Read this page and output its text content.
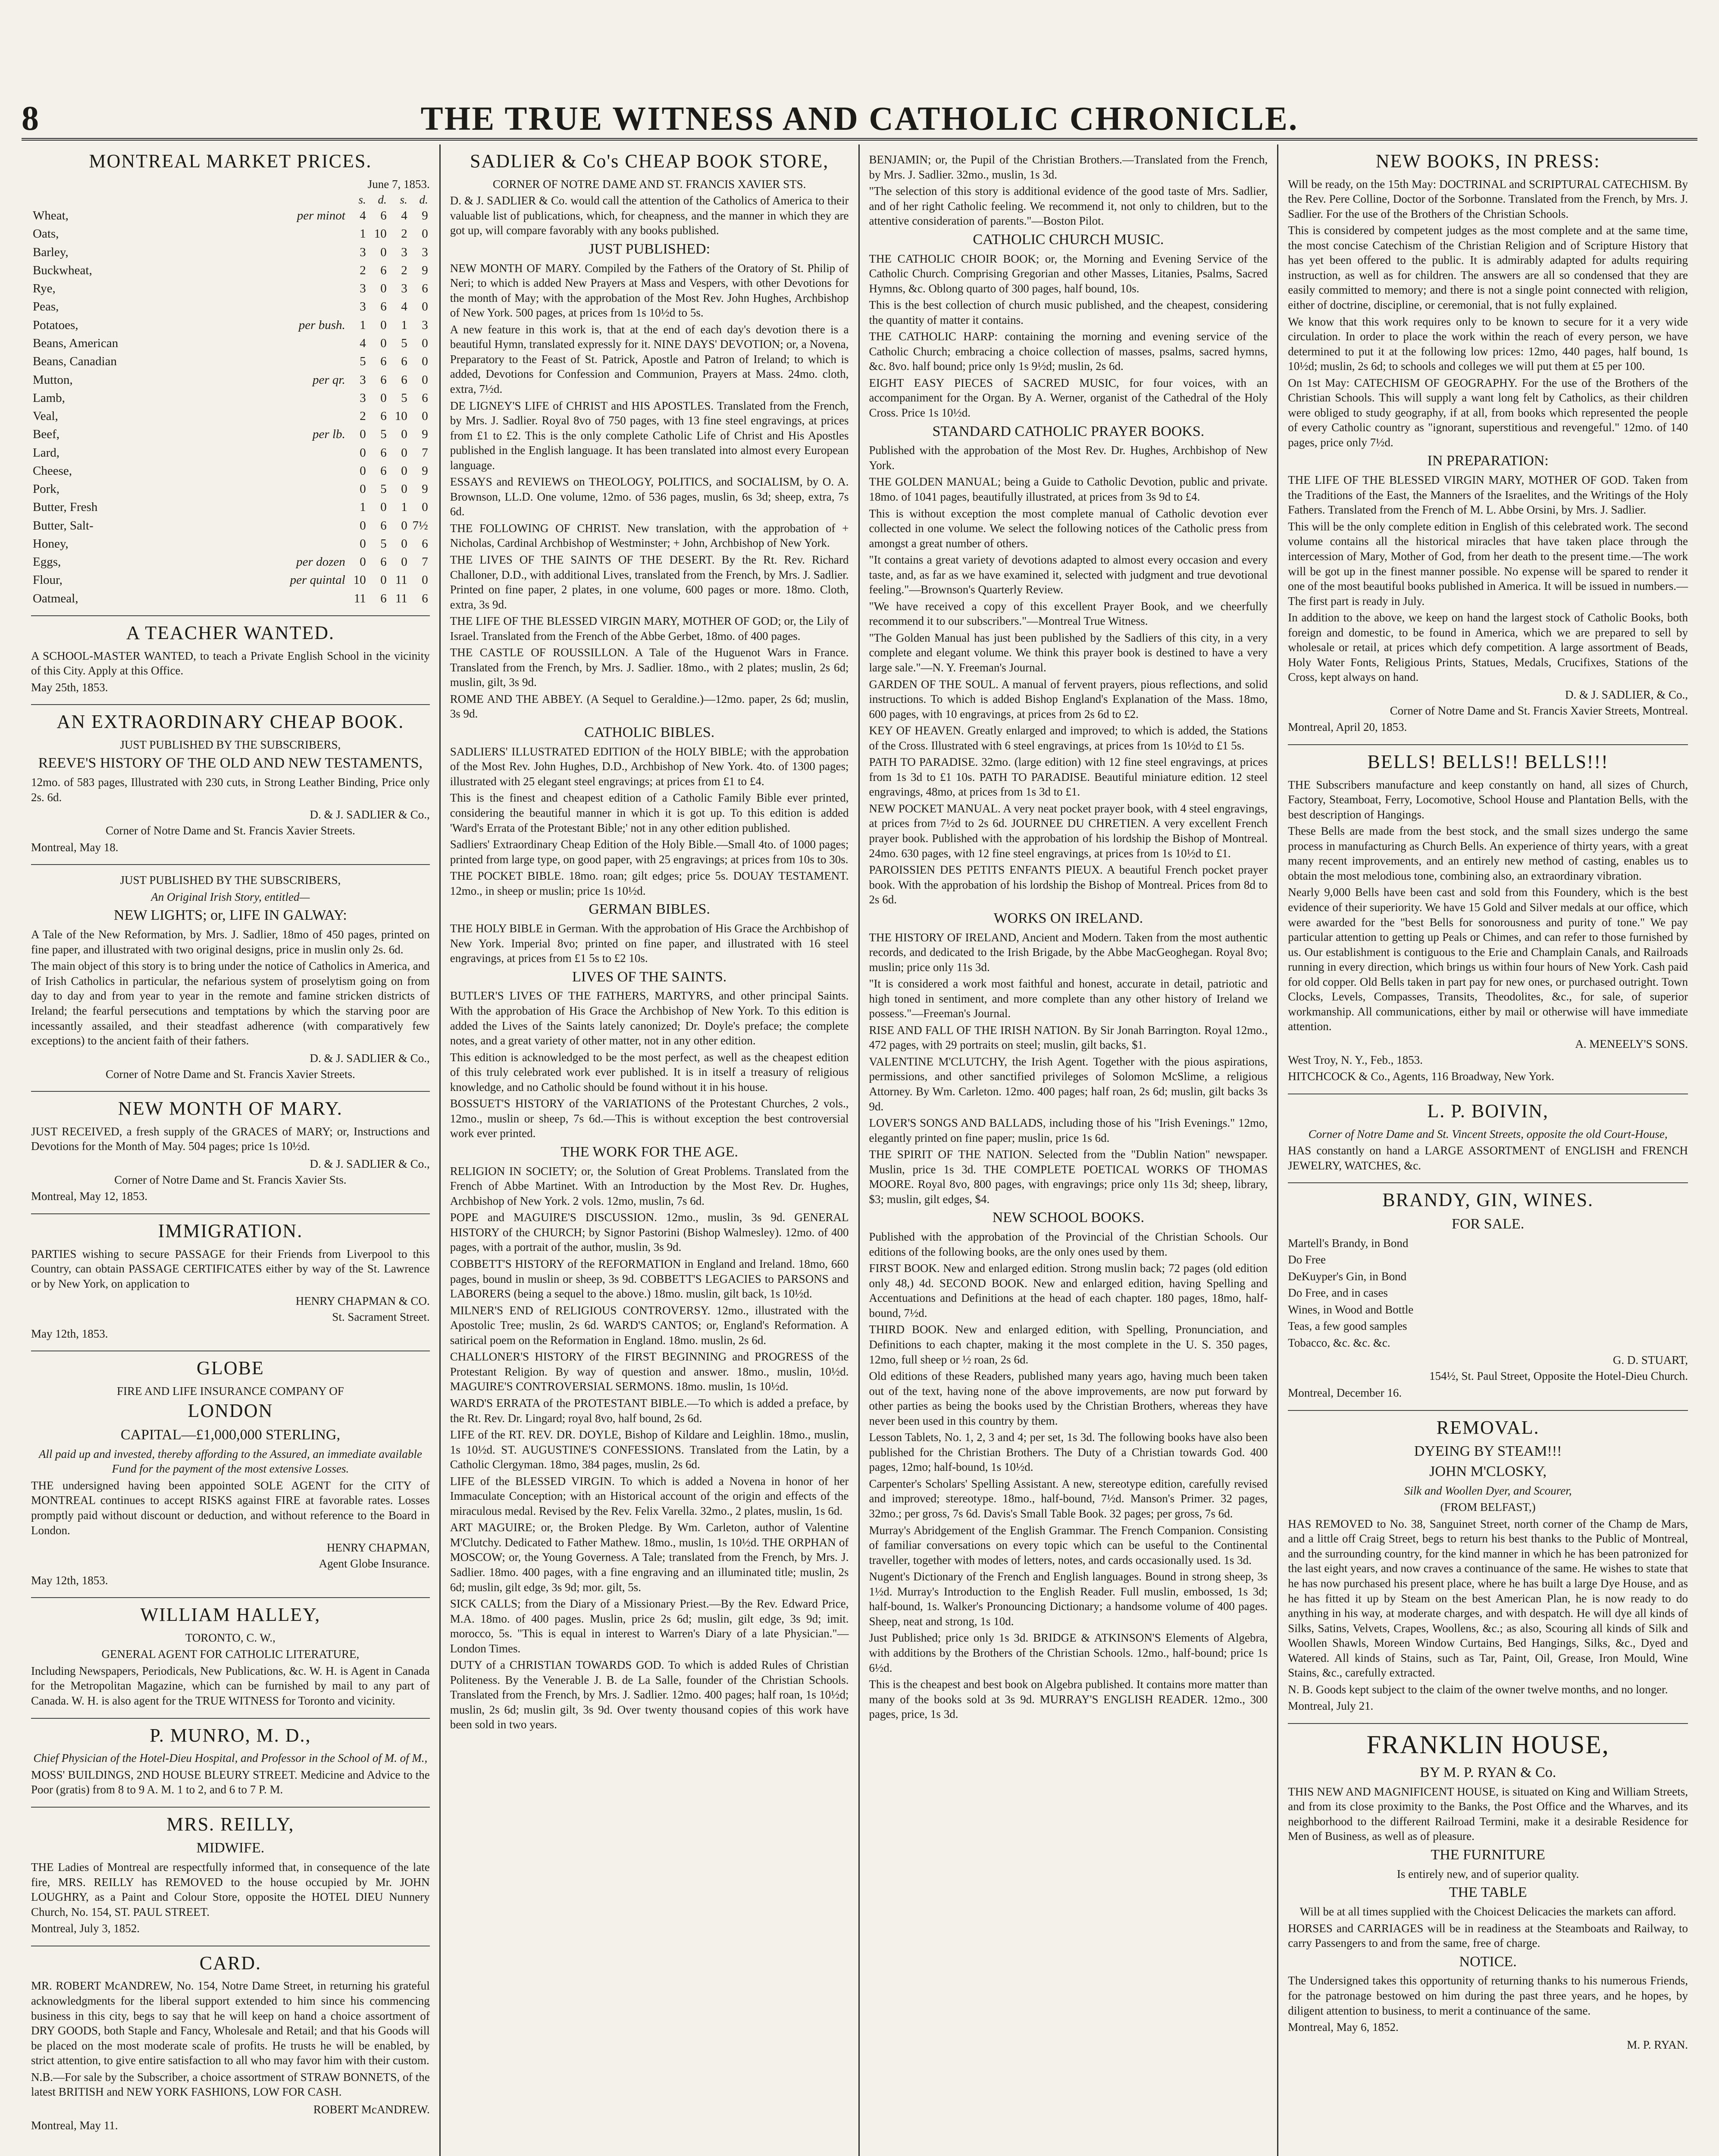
8	THE TRUE WITNESS AND CATHOLIC CHRONICLE.
MONTREAL MARKET PRICES.

June 7, 1853.

		s.	d.	s.	d.
Wheat,	per minot	4	6	4	9
Oats,		1	10	2	0
Barley,		3	0	3	3
Buckwheat,		2	6	2	9
Rye,		3	0	3	6
Peas,		3	6	4	0
Potatoes,	per bush.	1	0	1	3
Beans, American		4	0	5	0
Beans, Canadian		5	6	6	0
Mutton,	per qr.	3	6	6	0
Lamb,		3	0	5	6
Veal,		2	6	10	0
Beef,	per lb.	0	5	0	9
Lard,		0	6	0	7
Cheese,		0	6	0	9
Pork,		0	5	0	9
Butter, Fresh		1	0	1	0
Butter, Salt-		0	6	0	7½
Honey,		0	5	0	6
Eggs,	per dozen	0	6	0	7
Flour,	per quintal	10	0	11	0
Oatmeal,		11	6	11	6
A TEACHER WANTED.

A SCHOOL-MASTER WANTED, to teach a Private English School in the vicinity of this City. Apply at this Office.

May 25th, 1853.

AN EXTRAORDINARY CHEAP BOOK.

JUST PUBLISHED BY THE SUBSCRIBERS,

REEVE'S HISTORY OF THE OLD AND NEW TESTAMENTS,

12mo. of 583 pages, Illustrated with 230 cuts, in Strong Leather Binding, Price only 2s. 6d.

D. & J. SADLIER & Co.,

Corner of Notre Dame and St. Francis Xavier Streets.

Montreal, May 18.

JUST PUBLISHED BY THE SUBSCRIBERS,

An Original Irish Story, entitled—

NEW LIGHTS; or, LIFE IN GALWAY:

A Tale of the New Reformation, by Mrs. J. Sadlier, 18mo of 450 pages, printed on fine paper, and illustrated with two original designs, price in muslin only 2s. 6d.

The main object of this story is to bring under the notice of Catholics in America, and of Irish Catholics in particular, the nefarious system of proselytism going on from day to day and from year to year in the remote and famine stricken districts of Ireland; the fearful persecutions and temptations by which the starving poor are incessantly assailed, and their steadfast adherence (with comparatively few exceptions) to the ancient faith of their fathers.

D. & J. SADLIER & Co.,

Corner of Notre Dame and St. Francis Xavier Streets.

NEW MONTH OF MARY.

JUST RECEIVED, a fresh supply of the GRACES of MARY; or, Instructions and Devotions for the Month of May. 504 pages; price 1s 10½d.

D. & J. SADLIER & Co.,

Corner of Notre Dame and St. Francis Xavier Sts.

Montreal, May 12, 1853.

IMMIGRATION.

PARTIES wishing to secure PASSAGE for their Friends from Liverpool to this Country, can obtain PASSAGE CERTIFICATES either by way of the St. Lawrence or by New York, on application to

HENRY CHAPMAN & CO.

St. Sacrament Street.

May 12th, 1853.

GLOBE

FIRE AND LIFE INSURANCE COMPANY OF

LONDON
CAPITAL—£1,000,000 STERLING,

All paid up and invested, thereby affording to the Assured, an immediate available Fund for the payment of the most extensive Losses.

THE undersigned having been appointed SOLE AGENT for the CITY of MONTREAL continues to accept RISKS against FIRE at favorable rates. Losses promptly paid without discount or deduction, and without reference to the Board in London.

HENRY CHAPMAN,

Agent Globe Insurance.

May 12th, 1853.

WILLIAM HALLEY,

TORONTO, C. W.,

GENERAL AGENT FOR CATHOLIC LITERATURE,

Including Newspapers, Periodicals, New Publications, &c. W. H. is Agent in Canada for the Metropolitan Magazine, which can be furnished by mail to any part of Canada. W. H. is also agent for the TRUE WITNESS for Toronto and vicinity.

P. MUNRO, M. D.,

Chief Physician of the Hotel-Dieu Hospital, and Professor in the School of M. of M.,

MOSS' BUILDINGS, 2ND HOUSE BLEURY STREET. Medicine and Advice to the Poor (gratis) from 8 to 9 A. M. 1 to 2, and 6 to 7 P. M.

MRS. REILLY,
MIDWIFE.

THE Ladies of Montreal are respectfully informed that, in consequence of the late fire, MRS. REILLY has REMOVED to the house occupied by Mr. JOHN LOUGHRY, as a Paint and Colour Store, opposite the HOTEL DIEU Nunnery Church, No. 154, ST. PAUL STREET.

Montreal, July 3, 1852.

CARD.

MR. ROBERT McANDREW, No. 154, Notre Dame Street, in returning his grateful acknowledgments for the liberal support extended to him since his commencing business in this city, begs to say that he will keep on hand a choice assortment of DRY GOODS, both Staple and Fancy, Wholesale and Retail; and that his Goods will be placed on the most moderate scale of profits. He trusts he will be enabled, by strict attention, to give entire satisfaction to all who may favor him with their custom.

N.B.—For sale by the Subscriber, a choice assortment of STRAW BONNETS, of the latest BRITISH and NEW YORK FASHIONS, LOW FOR CASH.

ROBERT McANDREW.

Montreal, May 11.

SADLIER & Co's CHEAP BOOK STORE,

CORNER OF NOTRE DAME AND ST. FRANCIS XAVIER STS.

D. & J. SADLIER & Co. would call the attention of the Catholics of America to their valuable list of publications, which, for cheapness, and the manner in which they are got up, will compare favorably with any books published.

JUST PUBLISHED:

NEW MONTH OF MARY. Compiled by the Fathers of the Oratory of St. Philip of Neri; to which is added New Prayers at Mass and Vespers, with other Devotions for the month of May; with the approbation of the Most Rev. John Hughes, Archbishop of New York. 500 pages, at prices from 1s 10½d to 5s.

A new feature in this work is, that at the end of each day's devotion there is a beautiful Hymn, translated expressly for it. NINE DAYS' DEVOTION; or, a Novena, Preparatory to the Feast of St. Patrick, Apostle and Patron of Ireland; to which is added, Devotions for Confession and Communion, Prayers at Mass. 24mo. cloth, extra, 7½d.

DE LIGNEY'S LIFE of CHRIST and HIS APOSTLES. Translated from the French, by Mrs. J. Sadlier. Royal 8vo of 750 pages, with 13 fine steel engravings, at prices from £1 to £2. This is the only complete Catholic Life of Christ and His Apostles published in the English language. It has been translated into almost every European language.

ESSAYS and REVIEWS on THEOLOGY, POLITICS, and SOCIALISM, by O. A. Brownson, LL.D. One volume, 12mo. of 536 pages, muslin, 6s 3d; sheep, extra, 7s 6d.

THE FOLLOWING OF CHRIST. New translation, with the approbation of + Nicholas, Cardinal Archbishop of Westminster; + John, Archbishop of New York.

THE LIVES OF THE SAINTS OF THE DESERT. By the Rt. Rev. Richard Challoner, D.D., with additional Lives, translated from the French, by Mrs. J. Sadlier. Printed on fine paper, 2 plates, in one volume, 600 pages or more. 18mo. Cloth, extra, 3s 9d.

THE LIFE OF THE BLESSED VIRGIN MARY, MOTHER OF GOD; or, the Lily of Israel. Translated from the French of the Abbe Gerbet, 18mo. of 400 pages.

THE CASTLE OF ROUSSILLON. A Tale of the Huguenot Wars in France. Translated from the French, by Mrs. J. Sadlier. 18mo., with 2 plates; muslin, 2s 6d; muslin, gilt, 3s 9d.

ROME AND THE ABBEY. (A Sequel to Geraldine.)—12mo. paper, 2s 6d; muslin, 3s 9d.

CATHOLIC BIBLES.

SADLIERS' ILLUSTRATED EDITION of the HOLY BIBLE; with the approbation of the Most Rev. John Hughes, D.D., Archbishop of New York. 4to. of 1300 pages; illustrated with 25 elegant steel engravings; at prices from £1 to £4.

This is the finest and cheapest edition of a Catholic Family Bible ever printed, considering the beautiful manner in which it is got up. To this edition is added 'Ward's Errata of the Protestant Bible;' not in any other edition published.

Sadliers' Extraordinary Cheap Edition of the Holy Bible.—Small 4to. of 1000 pages; printed from large type, on good paper, with 25 engravings; at prices from 10s to 30s.

THE POCKET BIBLE. 18mo. roan; gilt edges; price 5s. DOUAY TESTAMENT. 12mo., in sheep or muslin; price 1s 10½d.

GERMAN BIBLES.

THE HOLY BIBLE in German. With the approbation of His Grace the Archbishop of New York. Imperial 8vo; printed on fine paper, and illustrated with 16 steel engravings, at prices from £1 5s to £2 10s.

LIVES OF THE SAINTS.

BUTLER'S LIVES OF THE FATHERS, MARTYRS, and other principal Saints. With the approbation of His Grace the Archbishop of New York. To this edition is added the Lives of the Saints lately canonized; Dr. Doyle's preface; the complete notes, and a great variety of other matter, not in any other edition.

This edition is acknowledged to be the most perfect, as well as the cheapest edition of this truly celebrated work ever published. It is in itself a treasury of religious knowledge, and no Catholic should be found without it in his house.

BOSSUET'S HISTORY of the VARIATIONS of the Protestant Churches, 2 vols., 12mo., muslin or sheep, 7s 6d.—This is without exception the best controversial work ever printed.

THE WORK FOR THE AGE.

RELIGION IN SOCIETY; or, the Solution of Great Problems. Translated from the French of Abbe Martinet. With an Introduction by the Most Rev. Dr. Hughes, Archbishop of New York. 2 vols. 12mo, muslin, 7s 6d.

POPE and MAGUIRE'S DISCUSSION. 12mo., muslin, 3s 9d. GENERAL HISTORY of the CHURCH; by Signor Pastorini (Bishop Walmesley). 12mo. of 400 pages, with a portrait of the author, muslin, 3s 9d.

COBBETT'S HISTORY of the REFORMATION in England and Ireland. 18mo, 660 pages, bound in muslin or sheep, 3s 9d. COBBETT'S LEGACIES to PARSONS and LABORERS (being a sequel to the above.) 18mo. muslin, gilt back, 1s 10½d.

MILNER'S END of RELIGIOUS CONTROVERSY. 12mo., illustrated with the Apostolic Tree; muslin, 2s 6d. WARD'S CANTOS; or, England's Reformation. A satirical poem on the Reformation in England. 18mo. muslin, 2s 6d.

CHALLONER'S HISTORY of the FIRST BEGINNING and PROGRESS of the Protestant Religion. By way of question and answer. 18mo., muslin, 10½d. MAGUIRE'S CONTROVERSIAL SERMONS. 18mo. muslin, 1s 10½d.

WARD'S ERRATA of the PROTESTANT BIBLE.—To which is added a preface, by the Rt. Rev. Dr. Lingard; royal 8vo, half bound, 2s 6d.

LIFE of the RT. REV. DR. DOYLE, Bishop of Kildare and Leighlin. 18mo., muslin, 1s 10½d. ST. AUGUSTINE'S CONFESSIONS. Translated from the Latin, by a Catholic Clergyman. 18mo, 384 pages, muslin, 2s 6d.

LIFE of the BLESSED VIRGIN. To which is added a Novena in honor of her Immaculate Conception; with an Historical account of the origin and effects of the miraculous medal. Revised by the Rev. Felix Varella. 32mo., 2 plates, muslin, 1s 6d.

ART MAGUIRE; or, the Broken Pledge. By Wm. Carleton, author of Valentine M'Clutchy. Dedicated to Father Mathew. 18mo., muslin, 1s 10½d. THE ORPHAN of MOSCOW; or, the Young Governess. A Tale; translated from the French, by Mrs. J. Sadlier. 18mo. 400 pages, with a fine engraving and an illuminated title; muslin, 2s 6d; muslin, gilt edge, 3s 9d; mor. gilt, 5s.

SICK CALLS; from the Diary of a Missionary Priest.—By the Rev. Edward Price, M.A. 18mo. of 400 pages. Muslin, price 2s 6d; muslin, gilt edge, 3s 9d; imit. morocco, 5s. "This is equal in interest to Warren's Diary of a late Physician."—London Times.

DUTY of a CHRISTIAN TOWARDS GOD. To which is added Rules of Christian Politeness. By the Venerable J. B. de La Salle, founder of the Christian Schools. Translated from the French, by Mrs. J. Sadlier. 12mo. 400 pages; half roan, 1s 10½d; muslin, 2s 6d; muslin gilt, 3s 9d. Over twenty thousand copies of this work have been sold in two years.

BENJAMIN; or, the Pupil of the Christian Brothers.—Translated from the French, by Mrs. J. Sadlier. 32mo., muslin, 1s 3d.

"The selection of this story is additional evidence of the good taste of Mrs. Sadlier, and of her right Catholic feeling. We recommend it, not only to children, but to the attentive consideration of parents."—Boston Pilot.

CATHOLIC CHURCH MUSIC.

THE CATHOLIC CHOIR BOOK; or, the Morning and Evening Service of the Catholic Church. Comprising Gregorian and other Masses, Litanies, Psalms, Sacred Hymns, &c. Oblong quarto of 300 pages, half bound, 10s.

This is the best collection of church music published, and the cheapest, considering the quantity of matter it contains.

THE CATHOLIC HARP: containing the morning and evening service of the Catholic Church; embracing a choice collection of masses, psalms, sacred hymns, &c. 8vo. half bound; price only 1s 9½d; muslin, 2s 6d.

EIGHT EASY PIECES of SACRED MUSIC, for four voices, with an accompaniment for the Organ. By A. Werner, organist of the Cathedral of the Holy Cross. Price 1s 10½d.

STANDARD CATHOLIC PRAYER BOOKS.

Published with the approbation of the Most Rev. Dr. Hughes, Archbishop of New York.

THE GOLDEN MANUAL; being a Guide to Catholic Devotion, public and private. 18mo. of 1041 pages, beautifully illustrated, at prices from 3s 9d to £4.

This is without exception the most complete manual of Catholic devotion ever collected in one volume. We select the following notices of the Catholic press from amongst a great number of others.

"It contains a great variety of devotions adapted to almost every occasion and every taste, and, as far as we have examined it, selected with judgment and true devotional feeling."—Brownson's Quarterly Review.

"We have received a copy of this excellent Prayer Book, and we cheerfully recommend it to our subscribers."—Montreal True Witness.

"The Golden Manual has just been published by the Sadliers of this city, in a very complete and elegant volume. We think this prayer book is destined to have a very large sale."—N. Y. Freeman's Journal.

GARDEN OF THE SOUL. A manual of fervent prayers, pious reflections, and solid instructions. To which is added Bishop England's Explanation of the Mass. 18mo, 600 pages, with 10 engravings, at prices from 2s 6d to £2.

KEY OF HEAVEN. Greatly enlarged and improved; to which is added, the Stations of the Cross. Illustrated with 6 steel engravings, at prices from 1s 10½d to £1 5s.

PATH TO PARADISE. 32mo. (large edition) with 12 fine steel engravings, at prices from 1s 3d to £1 10s. PATH TO PARADISE. Beautiful miniature edition. 12 steel engravings, 48mo, at prices from 1s 3d to £1.

NEW POCKET MANUAL. A very neat pocket prayer book, with 4 steel engravings, at prices from 7½d to 2s 6d. JOURNEE DU CHRETIEN. A very excellent French prayer book. Published with the approbation of his lordship the Bishop of Montreal. 24mo. 630 pages, with 12 fine steel engravings, at prices from 1s 10½d to £1.

PAROISSIEN DES PETITS ENFANTS PIEUX. A beautiful French pocket prayer book. With the approbation of his lordship the Bishop of Montreal. Prices from 8d to 2s 6d.

WORKS ON IRELAND.

THE HISTORY OF IRELAND, Ancient and Modern. Taken from the most authentic records, and dedicated to the Irish Brigade, by the Abbe MacGeoghegan. Royal 8vo; muslin; price only 11s 3d.

"It is considered a work most faithful and honest, accurate in detail, patriotic and high toned in sentiment, and more complete than any other history of Ireland we possess."—Freeman's Journal.

RISE AND FALL OF THE IRISH NATION. By Sir Jonah Barrington. Royal 12mo., 472 pages, with 29 portraits on steel; muslin, gilt backs, $1.

VALENTINE M'CLUTCHY, the Irish Agent. Together with the pious aspirations, permissions, and other sanctified privileges of Solomon McSlime, a religious Attorney. By Wm. Carleton. 12mo. 400 pages; half roan, 2s 6d; muslin, gilt backs 3s 9d.

LOVER'S SONGS AND BALLADS, including those of his "Irish Evenings." 12mo, elegantly printed on fine paper; muslin, price 1s 6d.

THE SPIRIT OF THE NATION. Selected from the "Dublin Nation" newspaper. Muslin, price 1s 3d. THE COMPLETE POETICAL WORKS OF THOMAS MOORE. Royal 8vo, 800 pages, with engravings; price only 11s 3d; sheep, library, $3; muslin, gilt edges, $4.

NEW SCHOOL BOOKS.

Published with the approbation of the Provincial of the Christian Schools. Our editions of the following books, are the only ones used by them.

FIRST BOOK. New and enlarged edition. Strong muslin back; 72 pages (old edition only 48,) 4d. SECOND BOOK. New and enlarged edition, having Spelling and Accentuations and Definitions at the head of each chapter. 180 pages, 18mo, half-bound, 7½d.

THIRD BOOK. New and enlarged edition, with Spelling, Pronunciation, and Definitions to each chapter, making it the most complete in the U. S. 350 pages, 12mo, full sheep or ½ roan, 2s 6d.

Old editions of these Readers, published many years ago, having much been taken out of the text, having none of the above improvements, are now put forward by other parties as being the books used by the Christian Brothers, whereas they have never been used in this country by them.

Lesson Tablets, No. 1, 2, 3 and 4; per set, 1s 3d. The following books have also been published for the Christian Brothers. The Duty of a Christian towards God. 400 pages, 12mo; half-bound, 1s 10½d.

Carpenter's Scholars' Spelling Assistant. A new, stereotype edition, carefully revised and improved; stereotype. 18mo., half-bound, 7½d. Manson's Primer. 32 pages, 32mo.; per gross, 7s 6d. Davis's Small Table Book. 32 pages; per gross, 7s 6d.

Murray's Abridgement of the English Grammar. The French Companion. Consisting of familiar conversations on every topic which can be useful to the Continental traveller, together with modes of letters, notes, and cards occasionally used. 1s 3d.

Nugent's Dictionary of the French and English languages. Bound in strong sheep, 3s 1½d. Murray's Introduction to the English Reader. Full muslin, embossed, 1s 3d; half-bound, 1s. Walker's Pronouncing Dictionary; a handsome volume of 400 pages. Sheep, neat and strong, 1s 10d.

Just Published; price only 1s 3d. BRIDGE & ATKINSON'S Elements of Algebra, with additions by the Brothers of the Christian Schools. 12mo., half-bound; price 1s 6½d.

This is the cheapest and best book on Algebra published. It contains more matter than many of the books sold at 3s 9d. MURRAY'S ENGLISH READER. 12mo., 300 pages, price, 1s 3d.

NEW BOOKS, IN PRESS:

Will be ready, on the 15th May: DOCTRINAL and SCRIPTURAL CATECHISM. By the Rev. Pere Colline, Doctor of the Sorbonne. Translated from the French, by Mrs. J. Sadlier. For the use of the Brothers of the Christian Schools.

This is considered by competent judges as the most complete and at the same time, the most concise Catechism of the Christian Religion and of Scripture History that has yet been offered to the public. It is admirably adapted for adults requiring instruction, as well as for children. The answers are all so condensed that they are easily committed to memory; and there is not a single point connected with religion, either of doctrine, discipline, or ceremonial, that is not fully explained.

We know that this work requires only to be known to secure for it a very wide circulation. In order to place the work within the reach of every person, we have determined to put it at the following low prices: 12mo, 440 pages, half bound, 1s 10½d; muslin, 2s 6d; to schools and colleges we will put them at £5 per 100.

On 1st May: CATECHISM OF GEOGRAPHY. For the use of the Brothers of the Christian Schools. This will supply a want long felt by Catholics, as their children were obliged to study geography, if at all, from books which represented the people of every Catholic country as "ignorant, superstitious and revengeful." 12mo. of 140 pages, price only 7½d.

IN PREPARATION:

THE LIFE OF THE BLESSED VIRGIN MARY, MOTHER OF GOD. Taken from the Traditions of the East, the Manners of the Israelites, and the Writings of the Holy Fathers. Translated from the French of M. L. Abbe Orsini, by Mrs. J. Sadlier.

This will be the only complete edition in English of this celebrated work. The second volume contains all the historical miracles that have taken place through the intercession of Mary, Mother of God, from her death to the present time.—The work will be got up in the finest manner possible. No expense will be spared to render it one of the most beautiful books published in America. It will be issued in numbers.—The first part is ready in July.

In addition to the above, we keep on hand the largest stock of Catholic Books, both foreign and domestic, to be found in America, which we are prepared to sell by wholesale or retail, at prices which defy competition. A large assortment of Beads, Holy Water Fonts, Religious Prints, Statues, Medals, Crucifixes, Stations of the Cross, kept always on hand.

D. & J. SADLIER, & Co.,

Corner of Notre Dame and St. Francis Xavier Streets, Montreal.

Montreal, April 20, 1853.

BELLS! BELLS!! BELLS!!!

THE Subscribers manufacture and keep constantly on hand, all sizes of Church, Factory, Steamboat, Ferry, Locomotive, School House and Plantation Bells, with the best description of Hangings.

These Bells are made from the best stock, and the small sizes undergo the same process in manufacturing as Church Bells. An experience of thirty years, with a great many recent improvements, and an entirely new method of casting, enables us to obtain the most melodious tone, combining also, an extraordinary vibration.

Nearly 9,000 Bells have been cast and sold from this Foundery, which is the best evidence of their superiority. We have 15 Gold and Silver medals at our office, which were awarded for the "best Bells for sonorousness and purity of tone." We pay particular attention to getting up Peals or Chimes, and can refer to those furnished by us. Our establishment is contiguous to the Erie and Champlain Canals, and Railroads running in every direction, which brings us within four hours of New York. Cash paid for old copper. Old Bells taken in part pay for new ones, or purchased outright. Town Clocks, Levels, Compasses, Transits, Theodolites, &c., for sale, of superior workmanship. All communications, either by mail or otherwise will have immediate attention.

A. MENEELY'S SONS.

West Troy, N. Y., Feb., 1853.

HITCHCOCK & Co., Agents, 116 Broadway, New York.

L. P. BOIVIN,

Corner of Notre Dame and St. Vincent Streets, opposite the old Court-House,

HAS constantly on hand a LARGE ASSORTMENT of ENGLISH and FRENCH JEWELRY, WATCHES, &c.

BRANDY, GIN, WINES.
FOR SALE.

Martell's Brandy, in Bond

Do Free

DeKuyper's Gin, in Bond

Do Free, and in cases

Wines, in Wood and Bottle

Teas, a few good samples

Tobacco, &c. &c. &c.

G. D. STUART,

154½, St. Paul Street, Opposite the Hotel-Dieu Church.

Montreal, December 16.

REMOVAL.
DYEING BY STEAM!!!
JOHN M'CLOSKY,

Silk and Woollen Dyer, and Scourer,

(FROM BELFAST,)

HAS REMOVED to No. 38, Sanguinet Street, north corner of the Champ de Mars, and a little off Craig Street, begs to return his best thanks to the Public of Montreal, and the surrounding country, for the kind manner in which he has been patronized for the last eight years, and now craves a continuance of the same. He wishes to state that he has now purchased his present place, where he has built a large Dye House, and as he has fitted it up by Steam on the best American Plan, he is now ready to do anything in his way, at moderate charges, and with despatch. He will dye all kinds of Silks, Satins, Velvets, Crapes, Woollens, &c.; as also, Scouring all kinds of Silk and Woollen Shawls, Moreen Window Curtains, Bed Hangings, Silks, &c., Dyed and Watered. All kinds of Stains, such as Tar, Paint, Oil, Grease, Iron Mould, Wine Stains, &c., carefully extracted.

N. B. Goods kept subject to the claim of the owner twelve months, and no longer.

Montreal, July 21.

FRANKLIN HOUSE,
BY M. P. RYAN & Co.

THIS NEW AND MAGNIFICENT HOUSE, is situated on King and William Streets, and from its close proximity to the Banks, the Post Office and the Wharves, and its neighborhood to the different Railroad Termini, make it a desirable Residence for Men of Business, as well as of pleasure.

THE FURNITURE

Is entirely new, and of superior quality.

THE TABLE

Will be at all times supplied with the Choicest Delicacies the markets can afford.

HORSES and CARRIAGES will be in readiness at the Steamboats and Railway, to carry Passengers to and from the same, free of charge.

NOTICE.

The Undersigned takes this opportunity of returning thanks to his numerous Friends, for the patronage bestowed on him during the past three years, and he hopes, by diligent attention to business, to merit a continuance of the same.

Montreal, May 6, 1852.

M. P. RYAN.
